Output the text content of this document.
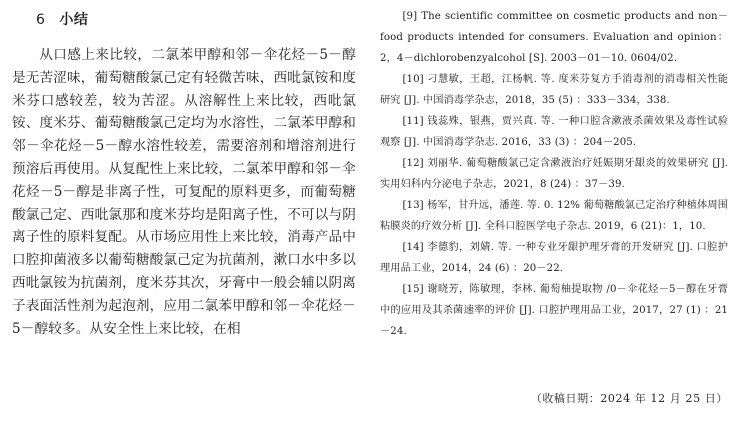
6 小结

从口感上来比较，二氯苯甲醇和邻－伞花烃－5－醇是无苦涩味，葡萄糖酸氯己定有轻微苦味，西吡氯铵和度米芬口感较差，较为苦涩。从溶解性上来比较，西吡氯铵、度米芬、葡萄糖酸氯己定均为水溶性，二氯苯甲醇和邻－伞花烃－5－醇水溶性较差，需要溶剂和增溶剂进行预溶后再使用。从复配性上来比较，二氯苯甲醇和邻－伞花烃－5－醇是非离子性，可复配的原料更多，而葡萄糖酸氯己定、西吡氯那和度米芬均是阳离子性，不可以与阴离子性的原料复配。从市场应用性上来比较，消毒产品中口腔抑菌液多以葡萄糖酸氯己定为抗菌剂，漱口水中多以西吡氯铵为抗菌剂，度米芬其次，牙膏中一般会辅以阴离子表面活性剂为起泡剂，应用二氯苯甲醇和邻－伞花烃－5－醇较多。从安全性上来比较，在相

[9] The scientific committee on cosmetic products and non－food products intended for consumers. Evaluation and opinion：2，4－dichlorobenzyalcohol [S]. 2003－01－10. 0604/02.
[10] 刁慧敏，王超，江杨帆. 等. 度米芬复方手消毒剂的消毒相关性能研究 [J]. 中国消毒学杂志，2018，35 (5) ：333－334，338.
[11] 钱蕊殊，银燕，贾兴真. 等. 一种口腔含漱液杀菌效果及毒性试验观察 [J]. 中国消毒学杂志. 2016，33 (3) ：204－205.
[12] 刘丽华. 葡萄糖酸氯己定含漱液治疗妊娠期牙龈炎的效果研究 [J]. 实用妇科内分泌电子杂志，2021，8 (24) ：37－39.
[13] 杨军，甘升远，潘莲. 等. 0. 12% 葡萄糖酸氯己定治疗种植体周围粘膜炎的疗效分析 [J]. 全科口腔医学电子杂志. 2019，6 (21)：1，10.
[14] 李德豹，刘婧. 等. 一种专业牙龈护理牙膏的开发研究 [J]. 口腔护理用品工业，2014，24 (6) ：20－22.
[15] 谢晓芳，陈敏理，李林. 葡萄柚提取物 /0－伞花烃－5－醇在牙膏中的应用及其杀菌速率的评价 [J]. 口腔护理用品工业，2017，27 (1) ：21－24.
（收稿日期：2024 年 12 月 25 日）
